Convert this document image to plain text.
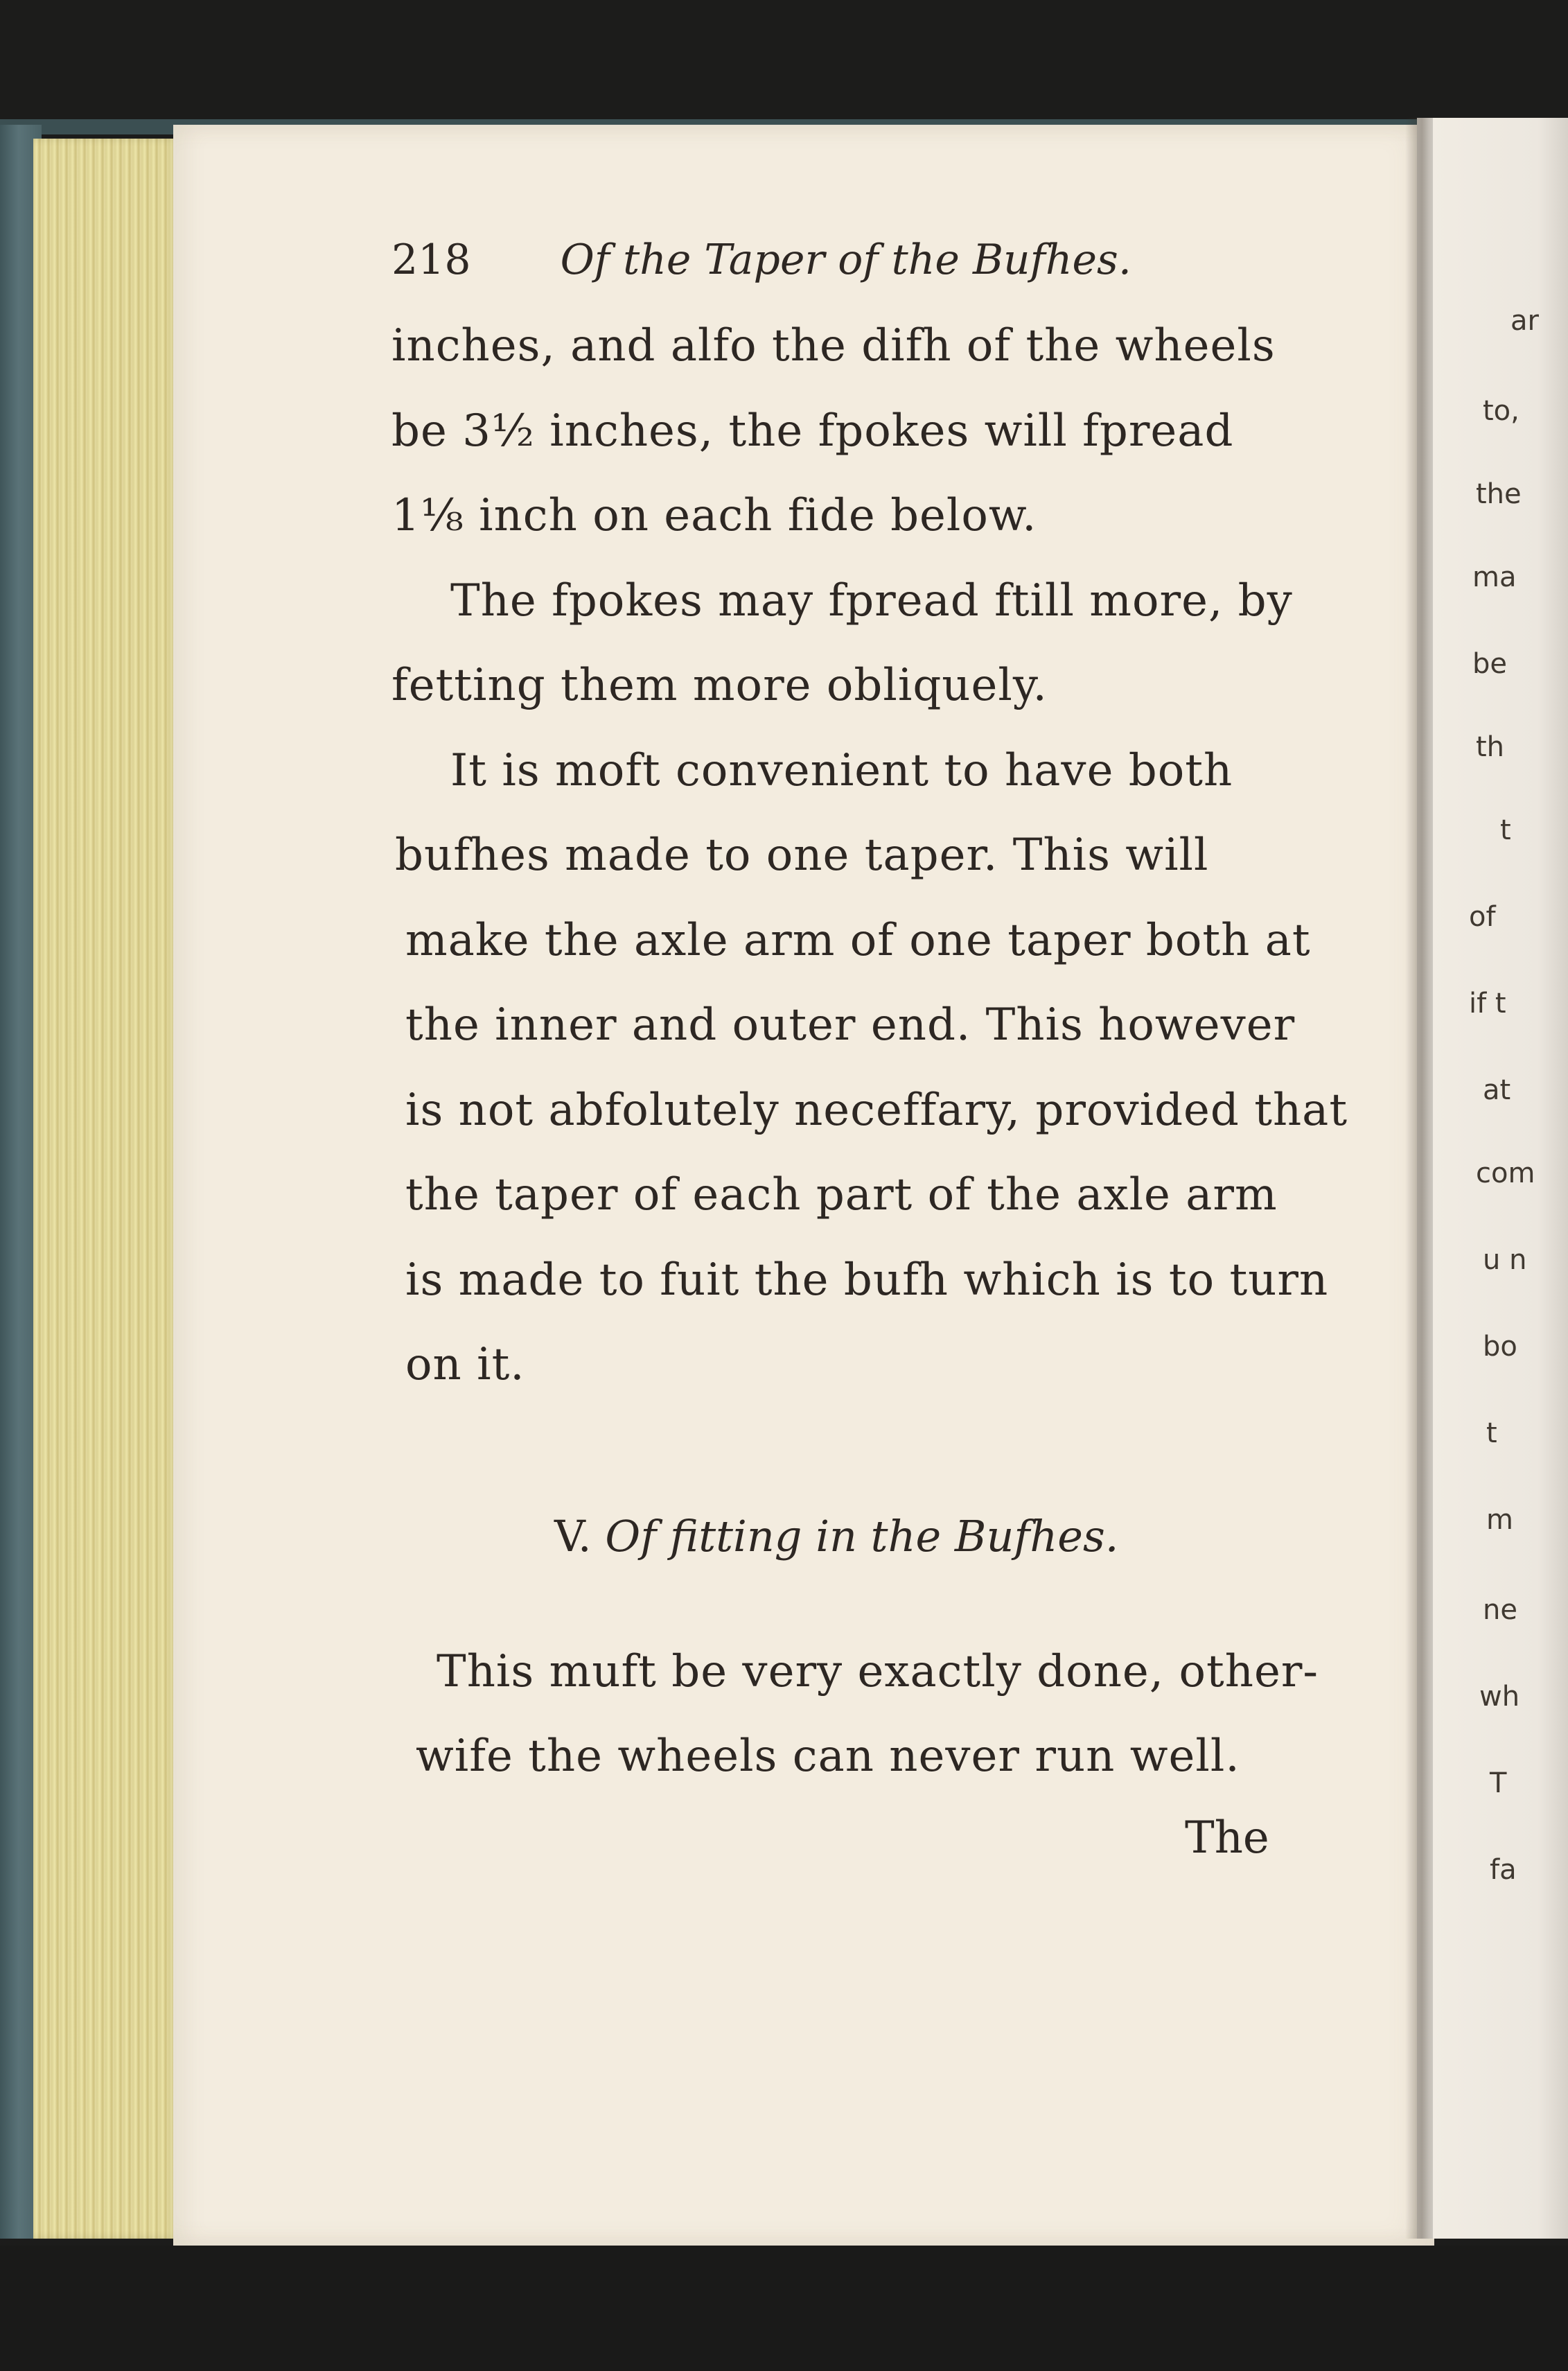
218 Of the Taper of the Bufhes.
inches, and alfo the difh of the wheels
be 3½ inches, the fpokes will fpread
1⅛ inch on each fide below.
The fpokes may fpread ftill more, by
fetting them more obliquely.
It is moft convenient to have both
bufhes made to one taper. This will
make the axle arm of one taper both at
the inner and outer end. This however
is not abfolutely neceffary, provided that
the taper of each part of the axle arm
is made to fuit the bufh which is to turn
on it.
V. Of fitting in the Bufhes.
This muft be very exactly done, other-
wife the wheels can never run well.
The
ar
to,
the
ma
be
th
t
of
if t
at
com
u n
bo
t
m
ne
wh
T
fa
